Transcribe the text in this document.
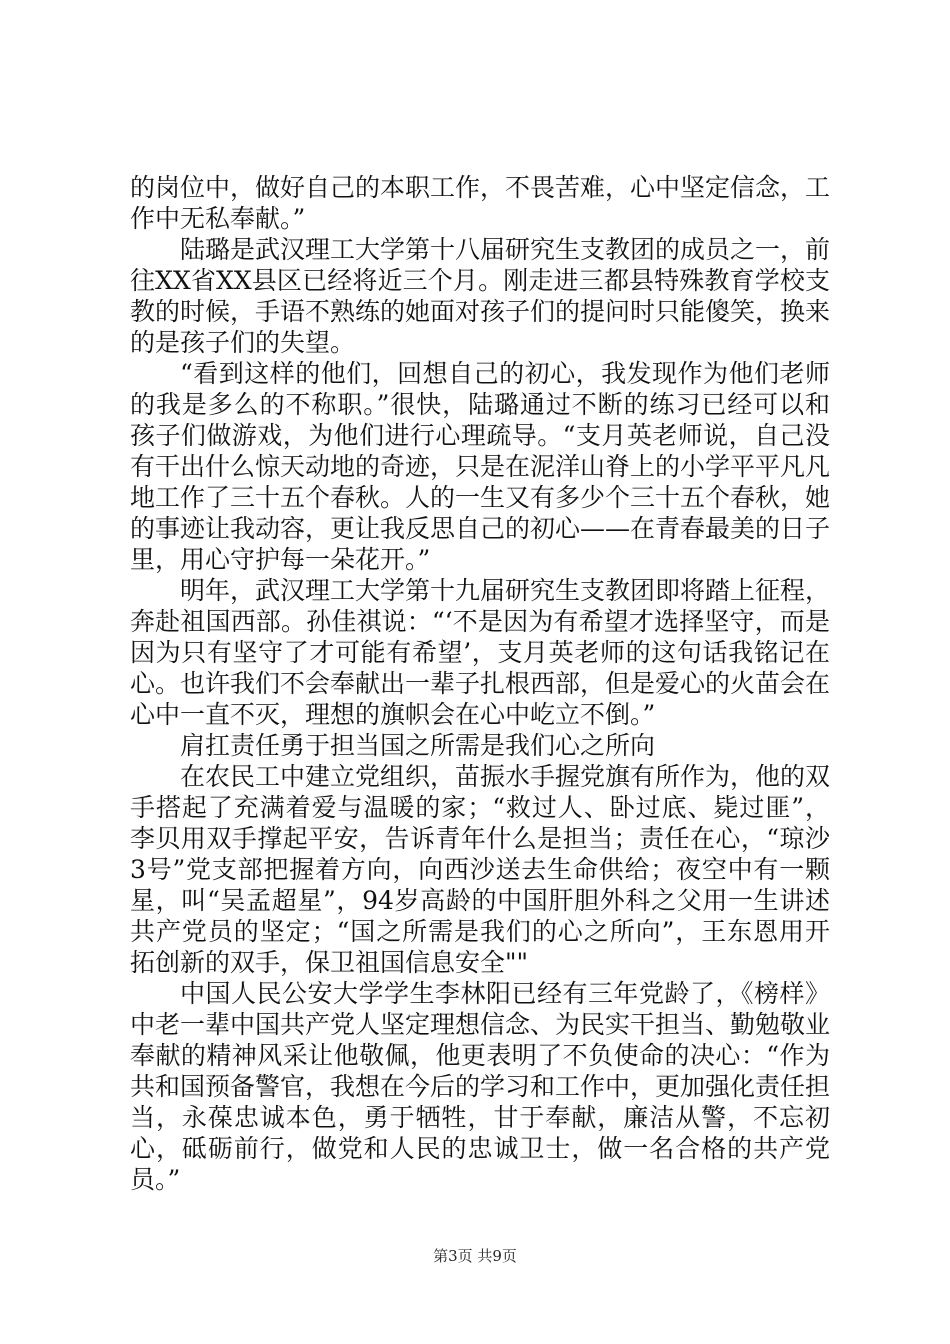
的岗位中，做好自己的本职工作，不畏苦难，心中坚定信念，工作中无私奉献。”

陆璐是武汉理工大学第十八届研究生支教团的成员之一，前往XX省XX县区已经将近三个月。刚走进三都县特殊教育学校支教的时候，手语不熟练的她面对孩子们的提问时只能傻笑，换来的是孩子们的失望。

“看到这样的他们，回想自己的初心，我发现作为他们老师的我是多么的不称职。”很快，陆璐通过不断的练习已经可以和孩子们做游戏，为他们进行心理疏导。“支月英老师说，自己没有干出什么惊天动地的奇迹，只是在泥洋山脊上的小学平平凡凡地工作了三十五个春秋。人的一生又有多少个三十五个春秋，她的事迹让我动容，更让我反思自己的初心——在青春最美的日子里，用心守护每一朵花开。”

明年，武汉理工大学第十九届研究生支教团即将踏上征程，奔赴祖国西部。孙佳祺说：“‘不是因为有希望才选择坚守，而是因为只有坚守了才可能有希望’，支月英老师的这句话我铭记在心。也许我们不会奉献出一辈子扎根西部，但是爱心的火苗会在心中一直不灭，理想的旗帜会在心中屹立不倒。”

肩扛责任勇于担当国之所需是我们心之所向

在农民工中建立党组织，苗振水手握党旗有所作为，他的双手搭起了充满着爱与温暖的家；“救过人、卧过底、毙过匪”，李贝用双手撑起平安，告诉青年什么是担当；责任在心，“琼沙3号”党支部把握着方向，向西沙送去生命供给；夜空中有一颗星，叫“吴孟超星”，94岁高龄的中国肝胆外科之父用一生讲述共产党员的坚定；“国之所需是我们的心之所向”，王东恩用开拓创新的双手，保卫祖国信息安全""

中国人民公安大学学生李林阳已经有三年党龄了，《榜样》中老一辈中国共产党人坚定理想信念、为民实干担当、勤勉敬业奉献的精神风采让他敬佩，他更表明了不负使命的决心：“作为共和国预备警官，我想在今后的学习和工作中，更加强化责任担当，永葆忠诚本色，勇于牺牲，甘于奉献，廉洁从警，不忘初心，砥砺前行，做党和人民的忠诚卫士，做一名合格的共产党员。”

第3页 共9页
